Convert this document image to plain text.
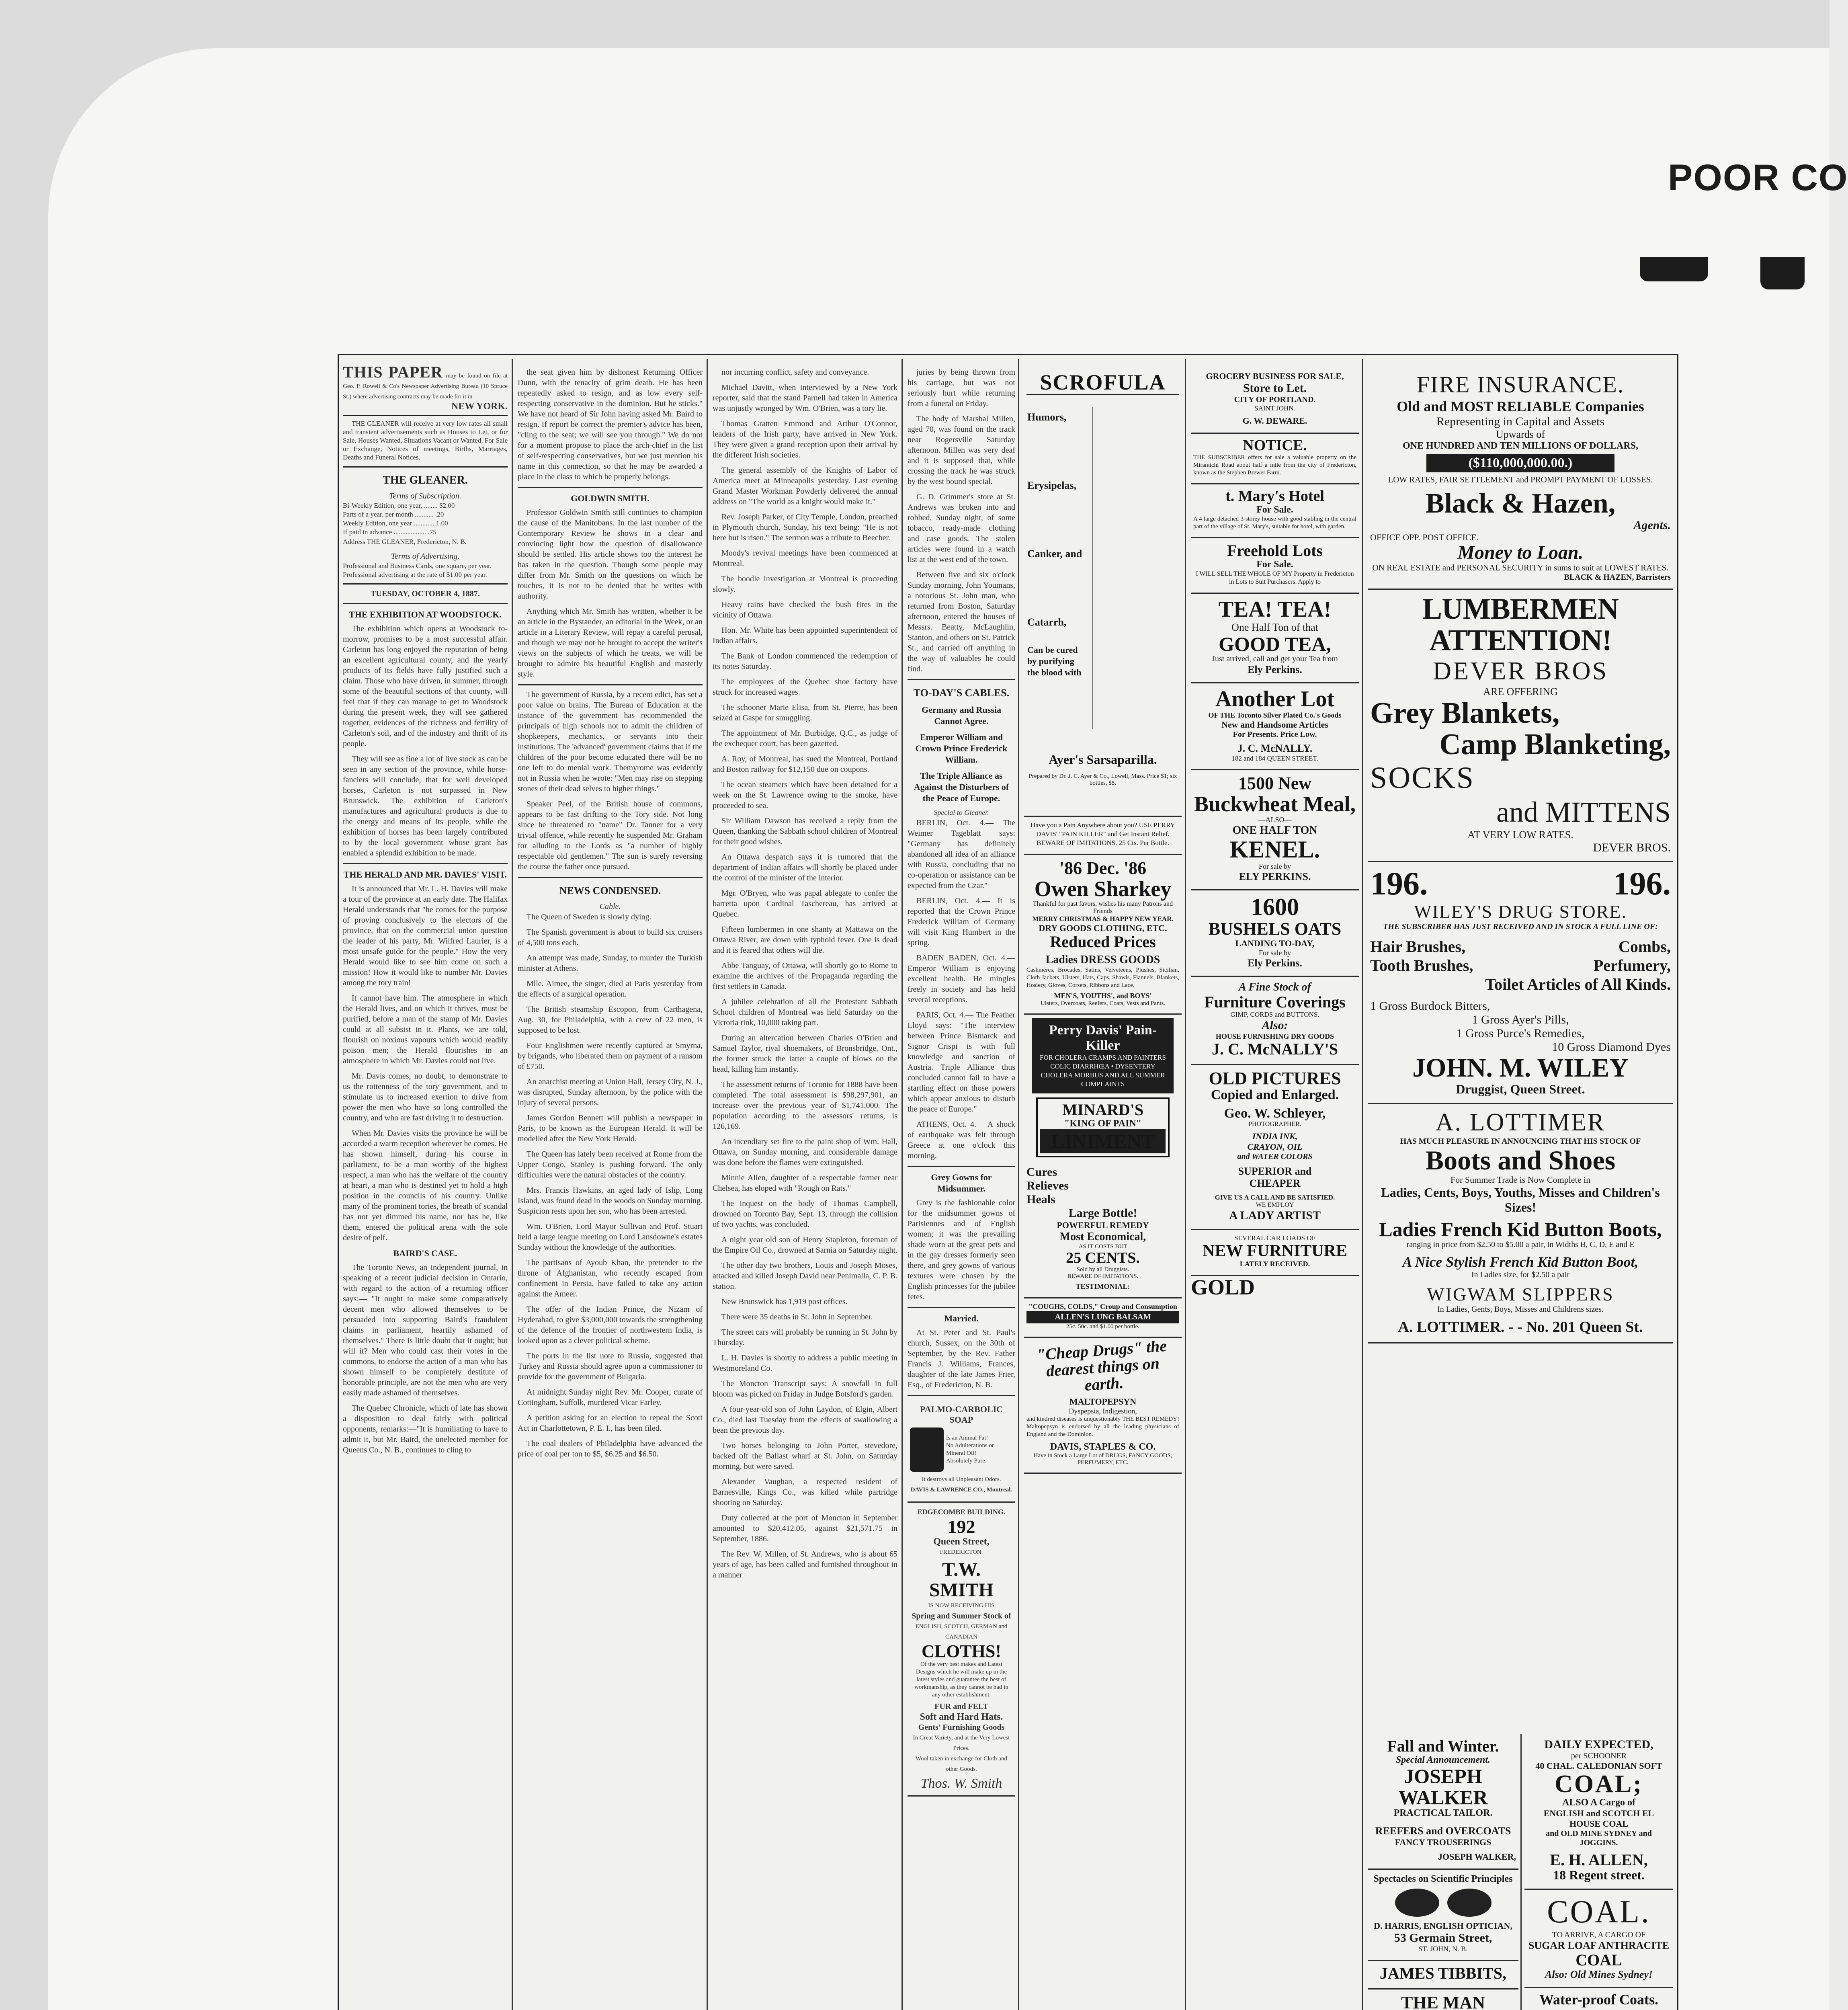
POOR CO
THIS PAPER may be found on file at Geo. P. Rowell & Co's Newspaper Advertising Bureau (10 Spruce St.) where advertising contracts may be made for it in
NEW YORK.

THE GLEANER will receive at very low rates all small and transient advertisements such as Houses to Let, or for Sale, Houses Wanted, Situations Vacant or Wanted, For Sale or Exchange, Notices of meetings, Births, Marriages, Deaths and Funeral Notices.

THE GLEANER.
Terms of Subscription.
Bi-Weekly Edition, one year, ........ $2.00
Parts of a year, per month ........... .20
Weekly Edition, one year ............ 1.00
If paid in advance ................... .75
Address THE GLEANER, Fredericton, N. B.
Terms of Advertising.
Professional and Business Cards, one square, per year.
Professional advertising at the rate of $1.00 per year.
TUESDAY, OCTOBER 4, 1887.
THE EXHIBITION AT WOODSTOCK.

The exhibition which opens at Woodstock to-morrow, promises to be a most successful affair. Carleton has long enjoyed the reputation of being an excellent agricultural county, and the yearly products of its fields have fully justified such a claim. Those who have driven, in summer, through some of the beautiful sections of that county, will feel that if they can manage to get to Woodstock during the present week, they will see gathered together, evidences of the richness and fertility of Carleton's soil, and of the industry and thrift of its people.

They will see as fine a lot of live stock as can be seen in any section of the province, while horse-fanciers will conclude, that for well developed horses, Carleton is not surpassed in New Brunswick. The exhibition of Carleton's manufactures and agricultural products is due to the energy and means of its people, while the exhibition of horses has been largely contributed to by the local government whose grant has enabled a splendid exhibition to be made.

THE HERALD AND MR. DAVIES' VISIT.

It is announced that Mr. L. H. Davies will make a tour of the province at an early date. The Halifax Herald understands that "he comes for the purpose of proving conclusively to the electors of the province, that on the commercial union question the leader of his party, Mr. Wilfred Laurier, is a most unsafe guide for the people." How the very Herald would like to see him come on such a mission! How it would like to number Mr. Davies among the tory train!

It cannot have him. The atmosphere in which the Herald lives, and on which it thrives, must be purified, before a man of the stamp of Mr. Davies could at all subsist in it. Plants, we are told, flourish on noxious vapours which would readily poison men; the Herald flourishes in an atmosphere in which Mr. Davies could not live.

Mr. Davis comes, no doubt, to demonstrate to us the rottenness of the tory government, and to stimulate us to increased exertion to drive from power the men who have so long controlled the country, and who are fast driving it to destruction.

When Mr. Davies visits the province he will be accorded a warm reception wherever he comes. He has shown himself, during his course in parliament, to be a man worthy of the highest respect, a man who has the welfare of the country at heart, a man who is destined yet to hold a high position in the councils of his country. Unlike many of the prominent tories, the breath of scandal has not yet dimmed his name, nor has he, like them, entered the political arena with the sole desire of pelf.

BAIRD'S CASE.

The Toronto News, an independent journal, in speaking of a recent judicial decision in Ontario, with regard to the action of a returning officer says:— "It ought to make some comparatively decent men who allowed themselves to be persuaded into supporting Baird's fraudulent claims in parliament, heartily ashamed of themselves." There is little doubt that it ought; but will it? Men who could cast their votes in the commons, to endorse the action of a man who has shown himself to be completely destitute of honorable principle, are not the men who are very easily made ashamed of themselves.

The Quebec Chronicle, which of late has shown a disposition to deal fairly with political opponents, remarks:—"It is humiliating to have to admit it, but Mr. Baird, the unelected member for Queens Co., N. B., continues to cling to

the seat given him by dishonest Returning Officer Dunn, with the tenacity of grim death. He has been repeatedly asked to resign, and as low every self-respecting conservative in the dominion. But he sticks." We have not heard of Sir John having asked Mr. Baird to resign. If report be correct the premier's advice has been, "cling to the seat; we will see you through." We do not for a moment propose to place the arch-chief in the list of self-respecting conservatives, but we just mention his name in this connection, so that he may be awarded a place in the class to which he properly belongs.

GOLDWIN SMITH.

Professor Goldwin Smith still continues to champion the cause of the Manitobans. In the last number of the Contemporary Review he shows in a clear and convincing light how the question of disallowance should be settled. His article shows too the interest he has taken in the question. Though some people may differ from Mr. Smith on the questions on which he touches, it is not to be denied that he writes with authority.

Anything which Mr. Smith has written, whether it be an article in the Bystander, an editorial in the Week, or an article in a Literary Review, will repay a careful perusal, and though we may not be brought to accept the writer's views on the subjects of which he treats, we will be brought to admire his beautiful English and masterly style.

The government of Russia, by a recent edict, has set a poor value on brains. The Bureau of Education at the instance of the government has recommended the principals of high schools not to admit the children of shopkeepers, mechanics, or servants into their institutions. The 'advanced' government claims that if the children of the poor become educated there will be no one left to do menial work. Themyrome was evidently not in Russia when he wrote: "Men may rise on stepping stones of their dead selves to higher things."

Speaker Peel, of the British house of commons, appears to be fast drifting to the Tory side. Not long since he threatened to "name" Dr. Tanner for a very trivial offence, while recently he suspended Mr. Graham for alluding to the Lords as "a number of highly respectable old gentlemen." The sun is surely reversing the course the father once pursued.

NEWS CONDENSED.
Cable.

The Queen of Sweden is slowly dying.

The Spanish government is about to build six cruisers of 4,500 tons each.

An attempt was made, Sunday, to murder the Turkish minister at Athens.

Mlle. Aimee, the singer, died at Paris yesterday from the effects of a surgical operation.

The British steamship Escopon, from Carthagena, Aug. 30, for Philadelphia, with a crew of 22 men, is supposed to be lost.

Four Englishmen were recently captured at Smyrna, by brigands, who liberated them on payment of a ransom of £750.

An anarchist meeting at Union Hall, Jersey City, N. J., was disrupted, Sunday afternoon, by the police with the injury of several persons.

James Gordon Bennett will publish a newspaper in Paris, to be known as the European Herald. It will be modelled after the New York Herald.

The Queen has lately been received at Rome from the Upper Congo, Stanley is pushing forward. The only difficulties were the natural obstacles of the country.

Mrs. Francis Hawkins, an aged lady of Islip, Long Island, was found dead in the woods on Sunday morning. Suspicion rests upon her son, who has been arrested.

Wm. O'Brien, Lord Mayor Sullivan and Prof. Stuart held a large league meeting on Lord Lansdowne's estates Sunday without the knowledge of the authorities.

The partisans of Ayoub Khan, the pretender to the throne of Afghanistan, who recently escaped from confinement in Persia, have failed to take any action against the Ameer.

The offer of the Indian Prince, the Nizam of Hyderabad, to give $3,000,000 towards the strengthening of the defence of the frontier of northwestern India, is looked upon as a clever political scheme.

The ports in the list note to Russia, suggested that Turkey and Russia should agree upon a commissioner to provide for the government of Bulgaria.

At midnight Sunday night Rev. Mr. Cooper, curate of Cottingham, Suffolk, murdered Vicar Farley.

A petition asking for an election to repeal the Scott Act in Charlottetown, P. E. I., has been filed.

The coal dealers of Philadelphia have advanced the price of coal per ton to $5, $6.25 and $6.50.

nor incurring conflict, safety and conveyance.

Michael Davitt, when interviewed by a New York reporter, said that the stand Parnell had taken in America was unjustly wronged by Wm. O'Brien, was a tory lie.

Thomas Gratten Emmond and Arthur O'Connor, leaders of the Irish party, have arrived in New York. They were given a grand reception upon their arrival by the different Irish societies.

The general assembly of the Knights of Labor of America meet at Minneapolis yesterday. Last evening Grand Master Workman Powderly delivered the annual address on "The world as a knight would make it."

Rev. Joseph Parker, of City Temple, London, preached in Plymouth church, Sunday, his text being: "He is not here but is risen." The sermon was a tribute to Beecher.

Moody's revival meetings have been commenced at Montreal.

The boodle investigation at Montreal is proceeding slowly.

Heavy rains have checked the bush fires in the vicinity of Ottawa.

Hon. Mr. White has been appointed superintendent of Indian affairs.

The Bank of London commenced the redemption of its notes Saturday.

The employees of the Quebec shoe factory have struck for increased wages.

The schooner Marie Elisa, from St. Pierre, has been seized at Gaspe for smuggling.

The appointment of Mr. Burbidge, Q.C., as judge of the exchequer court, has been gazetted.

A. Roy, of Montreal, has sued the Montreal, Portland and Boston railway for $12,150 due on coupons.

The ocean steamers which have been detained for a week on the St. Lawrence owing to the smoke, have proceeded to sea.

Sir William Dawson has received a reply from the Queen, thanking the Sabbath school children of Montreal for their good wishes.

An Ottawa despatch says it is rumored that the department of Indian affairs will shortly be placed under the control of the minister of the interior.

Mgr. O'Bryen, who was papal ablegate to confer the barretta upon Cardinal Taschereau, has arrived at Quebec.

Fifteen lumbermen in one shanty at Mattawa on the Ottawa River, are down with typhoid fever. One is dead and it is feared that others will die.

Abbe Tanguay, of Ottawa, will shortly go to Rome to examine the archives of the Propaganda regarding the first settlers in Canada.

A jubilee celebration of all the Protestant Sabbath School children of Montreal was held Saturday on the Victoria rink, 10,000 taking part.

During an altercation between Charles O'Brien and Samuel Taylor, rival shoemakers, of Bronsbridge, Ont., the former struck the latter a couple of blows on the head, killing him instantly.

The assessment returns of Toronto for 1888 have been completed. The total assessment is $98,297,901, an increase over the previous year of $1,741,000. The population according to the assessors' returns, is 126,169.

An incendiary set fire to the paint shop of Wm. Hall, Ottawa, on Sunday morning, and considerable damage was done before the flames were extinguished.

Minnie Allen, daughter of a respectable farmer near Chelsea, has eloped with "Rough on Rats."

The inquest on the body of Thomas Campbell, drowned on Toronto Bay, Sept. 13, through the collision of two yachts, was concluded.

A night year old son of Henry Stapleton, foreman of the Empire Oil Co., drowned at Sarnia on Saturday night.

The other day two brothers, Louis and Joseph Moses, attacked and killed Joseph David near Penimalla, C. P. B. station.

New Brunswick has 1,919 post offices.

There were 35 deaths in St. John in September.

The street cars will probably be running in St. John by Thursday.

L. H. Davies is shortly to address a public meeting in Westmoreland Co.

The Moncton Transcript says: A snowfall in full bloom was picked on Friday in Judge Botsford's garden.

A four-year-old son of John Laydon, of Elgin, Albert Co., died last Tuesday from the effects of swallowing a bean the previous day.

Two horses belonging to John Porter, stevedore, backed off the Ballast wharf at St. John, on Saturday morning, but were saved.

Alexander Vaughan, a respected resident of Barnesville, Kings Co., was killed while partridge shooting on Saturday.

Duty collected at the port of Moncton in September amounted to $20,412.05, against $21,571.75 in September, 1886.

The Rev. W. Millen, of St. Andrews, who is about 65 years of age, has been called and furnished throughout in a manner

juries by being thrown from his carriage, but was not seriously hurt while returning from a funeral on Friday.

The body of Marshal Millen, aged 70, was found on the track near Rogersville Saturday afternoon. Millen was very deaf and it is supposed that, while crossing the track he was struck by the west bound special.

G. D. Grimmer's store at St. Andrews was broken into and robbed, Sunday night, of some tobacco, ready-made clothing and case goods. The stolen articles were found in a watch list at the west end of the town.

Between five and six o'clock Sunday morning, John Youmans, a notorious St. John man, who returned from Boston, Saturday afternoon, entered the houses of Messrs. Beatty, McLaughlin, Stanton, and others on St. Patrick St., and carried off anything in the way of valuables he could find.

TO-DAY'S CABLES.
Germany and Russia Cannot Agree.
Emperor William and Crown Prince Frederick William.
The Triple Alliance as Against the Disturbers of the Peace of Europe.
Special to Gleaner.

BERLIN, Oct. 4.— The Weimer Tageblatt says: "Germany has definitely abandoned all idea of an alliance with Russia, concluding that no co-operation or assistance can be expected from the Czar."

BERLIN, Oct. 4.— It is reported that the Crown Prince Frederick William of Germany will visit King Humbert in the spring.

BADEN BADEN, Oct. 4.— Emperor William is enjoying excellent health. He mingles freely in society and has held several receptions.

PARIS, Oct. 4.— The Feather Lloyd says: "The interview between Prince Bismarck and Signor Crispi is with full knowledge and sanction of Austria. Triple Alliance thus concluded cannot fail to have a startling effect on those powers which appear anxious to disturb the peace of Europe."

ATHENS, Oct. 4.— A shock of earthquake was felt through Greece at one o'clock this morning.

Grey Gowns for Midsummer.

Grey is the fashionable color for the midsummer gowns of Parisiennes and of English women; it was the prevailing shade worn at the great pets and in the gay dresses formerly seen there, and grey gowns of various textures were chosen by the English princesses for the jubilee fetes.

Married.

At St. Peter and St. Paul's church, Sussex, on the 30th of September, by the Rev. Father Francis J. Williams, Frances, daughter of the late James Frier, Esq., of Fredericton, N. B.

PALMO-CARBOLIC SOAP
Is an Animal Fat!
No Adulterations or Mineral Oil!
Absolutely Pure.
It destroys all Unpleasant Odors.
DAVIS & LAWRENCE CO., Montreal.
EDGECOMBE BUILDING.
192
Queen Street,
FREDERICTON.
T.W. SMITH
IS NOW RECEIVING HIS
Spring and Summer Stock of
ENGLISH, SCOTCH, GERMAN and CANADIAN
CLOTHS!
Of the very best makes and Latest Designs which he will make up in the latest styles and guarantee the best of workmanship, as they cannot be had in any other establishment.
FUR and FELT
Soft and Hard Hats.
Gents' Furnishing Goods
In Great Variety, and at the Very Lowest Prices.
Wool taken in exchange for Cloth and other Goods.
Thos. W. Smith
SCROFULA
Humors,
Erysipelas,
Canker, and
Catarrh,
Can be cured by purifying the blood with
Ayer's Sarsaparilla.
Prepared by Dr. J. C. Ayer & Co., Lowell, Mass. Price $1; six bottles, $5.
Have you a Pain Anywhere about you? USE PERRY DAVIS' "PAIN KILLER" and Get Instant Relief. BEWARE OF IMITATIONS. 25 Cts. Per Bottle.
'86 Dec. '86
Owen Sharkey
Thankful for past favors, wishes his many Patrons and Friends
MERRY CHRISTMAS & HAPPY NEW YEAR.
DRY GOODS CLOTHING, ETC.
Reduced Prices
Ladies DRESS GOODS
Cashmeres, Brocades, Satins, Velveteens, Plushes, Sicilian, Cloth Jackets, Ulsters, Hats, Caps, Shawls, Flannels, Blankets, Hosiery, Gloves, Corsets, Ribbons and Lace.
MEN'S, YOUTHS', and BOYS'
Ulsters, Overcoats, Reefers, Coats, Vests and Pants.
Perry Davis' Pain-Killer
FOR CHOLERA CRAMPS AND PAINTERS COLIC DIARRHŒA • DYSENTERY CHOLERA MORBUS AND ALL SUMMER COMPLAINTS
MINARD'S
"KING OF PAIN"
LINIMENT
Cures
Relieves
Heals
Large Bottle!
POWERFUL REMEDY
Most Economical,
AS IT COSTS BUT
25 CENTS.
Sold by all Druggists.
BEWARE OF IMITATIONS.
TESTIMONIAL:
"COUGHS, COLDS," Croup and Consumption
ALLEN'S LUNG BALSAM
25c. 50c. and $1.00 per bottle.
"Cheap Drugs" the dearest things on earth.
MALTOPEPSYN
Dyspepsia, Indigestion,
and kindred diseases is unquestionably THE BEST REMEDY! Maltopepsyn is endorsed by all the leading physicians of England and the Dominion.
DAVIS, STAPLES & CO.
Have in Stock a Large Lot of DRUGS, FANCY GOODS, PERFUMERY, ETC.
GROCERY BUSINESS FOR SALE,
Store to Let.
CITY OF PORTLAND.
SAINT JOHN.
G. W. DEWARE.
NOTICE.
THE SUBSCRIBER offers for sale a valuable property on the Miramichi Road about half a mile from the city of Fredericton, known as the Stephen Brewer Farm.
t. Mary's Hotel
For Sale.
A 4 large detached 3-storey house with good stabling in the central part of the village of St. Mary's, suitable for hotel, with garden.
Freehold Lots
For Sale.
I WILL SELL THE WHOLE OF MY Property in Fredericton in Lots to Suit Purchasers. Apply to
TEA! TEA!
One Half Ton of that
GOOD TEA,
Just arrived, call and get your Tea from
Ely Perkins.
Another Lot
OF THE Toronto Silver Plated Co.'s Goods
New and Handsome Articles
For Presents. Price Low.
J. C. McNALLY.
182 and 184 QUEEN STREET.
1500 New
Buckwheat Meal,
—ALSO—
ONE HALF TON
KENEL.
For sale by
ELY PERKINS.
1600
BUSHELS OATS
LANDING TO-DAY,
For sale by
Ely Perkins.
A Fine Stock of
Furniture Coverings
GIMP, CORDS and BUTTONS.
Also:
HOUSE FURNISHING DRY GOODS
J. C. McNALLY'S
OLD PICTURES
Copied and Enlarged.
Geo. W. Schleyer,
PHOTOGRAPHER.
INDIA INK,
CRAYON, OIL
and WATER COLORS
SUPERIOR and
CHEAPER
GIVE US A CALL AND BE SATISFIED.
WE EMPLOY
A LADY ARTIST
SEVERAL CAR LOADS OF
NEW FURNITURE
LATELY RECEIVED.
GOLD
FIRE INSURANCE.
Old and MOST RELIABLE Companies
Representing in Capital and Assets
Upwards of
ONE HUNDRED AND TEN MILLIONS OF DOLLARS,
($110,000,000.00.)
LOW RATES, FAIR SETTLEMENT and PROMPT PAYMENT OF LOSSES.
Black & Hazen,
Agents.
OFFICE OPP. POST OFFICE.
Money to Loan.
ON REAL ESTATE and PERSONAL SECURITY in sums to suit at LOWEST RATES.
BLACK & HAZEN, Barristers
LUMBERMEN ATTENTION!
DEVER BROS
ARE OFFERING
Grey Blankets,
Camp Blanketing,
SOCKS
and MITTENS
AT VERY LOW RATES.
DEVER BROS.
196.	196.
WILEY'S DRUG STORE.
THE SUBSCRIBER HAS JUST RECEIVED AND IN STOCK A FULL LINE OF:
Hair Brushes,	Combs,
Tooth Brushes,	Perfumery,
Toilet Articles of All Kinds.
1 Gross Burdock Bitters,
1 Gross Ayer's Pills,
1 Gross Purce's Remedies,
10 Gross Diamond Dyes
JOHN. M. WILEY
Druggist, Queen Street.
A. LOTTIMER
HAS MUCH PLEASURE IN ANNOUNCING THAT HIS STOCK OF
Boots and Shoes
For Summer Trade is Now Complete in
Ladies, Cents, Boys, Youths, Misses and Children's Sizes!
Ladies French Kid Button Boots,
ranging in price from $2.50 to $5.00 a pair, in Widths B, C, D, E and E
A Nice Stylish French Kid Button Boot,
In Ladies size, for $2.50 a pair
WIGWAM SLIPPERS
In Ladies, Gents, Boys, Misses and Childrens sizes.
A. LOTTIMER. - - No. 201 Queen St.
Fall and Winter.
Special Announcement.
JOSEPH WALKER
PRACTICAL TAILOR.
REEFERS and OVERCOATS
FANCY TROUSERINGS
JOSEPH WALKER,
Spectacles on Scientific Principles
D. HARRIS, ENGLISH OPTICIAN,
53 Germain Street,
ST. JOHN, N. B.
JAMES TIBBITS,
THE MAN
DAILY EXPECTED,
per SCHOONER
40 CHAL. CALEDONIAN SOFT
COAL;
ALSO A Cargo of
ENGLISH and SCOTCH EL
HOUSE COAL
and OLD MINE SYDNEY and JOGGINS.
E. H. ALLEN,
18 Regent street.
COAL.
TO ARRIVE, A CARGO OF
SUGAR LOAF ANTHRACITE
COAL
Also: Old Mines Sydney!
Water-proof Coats.
